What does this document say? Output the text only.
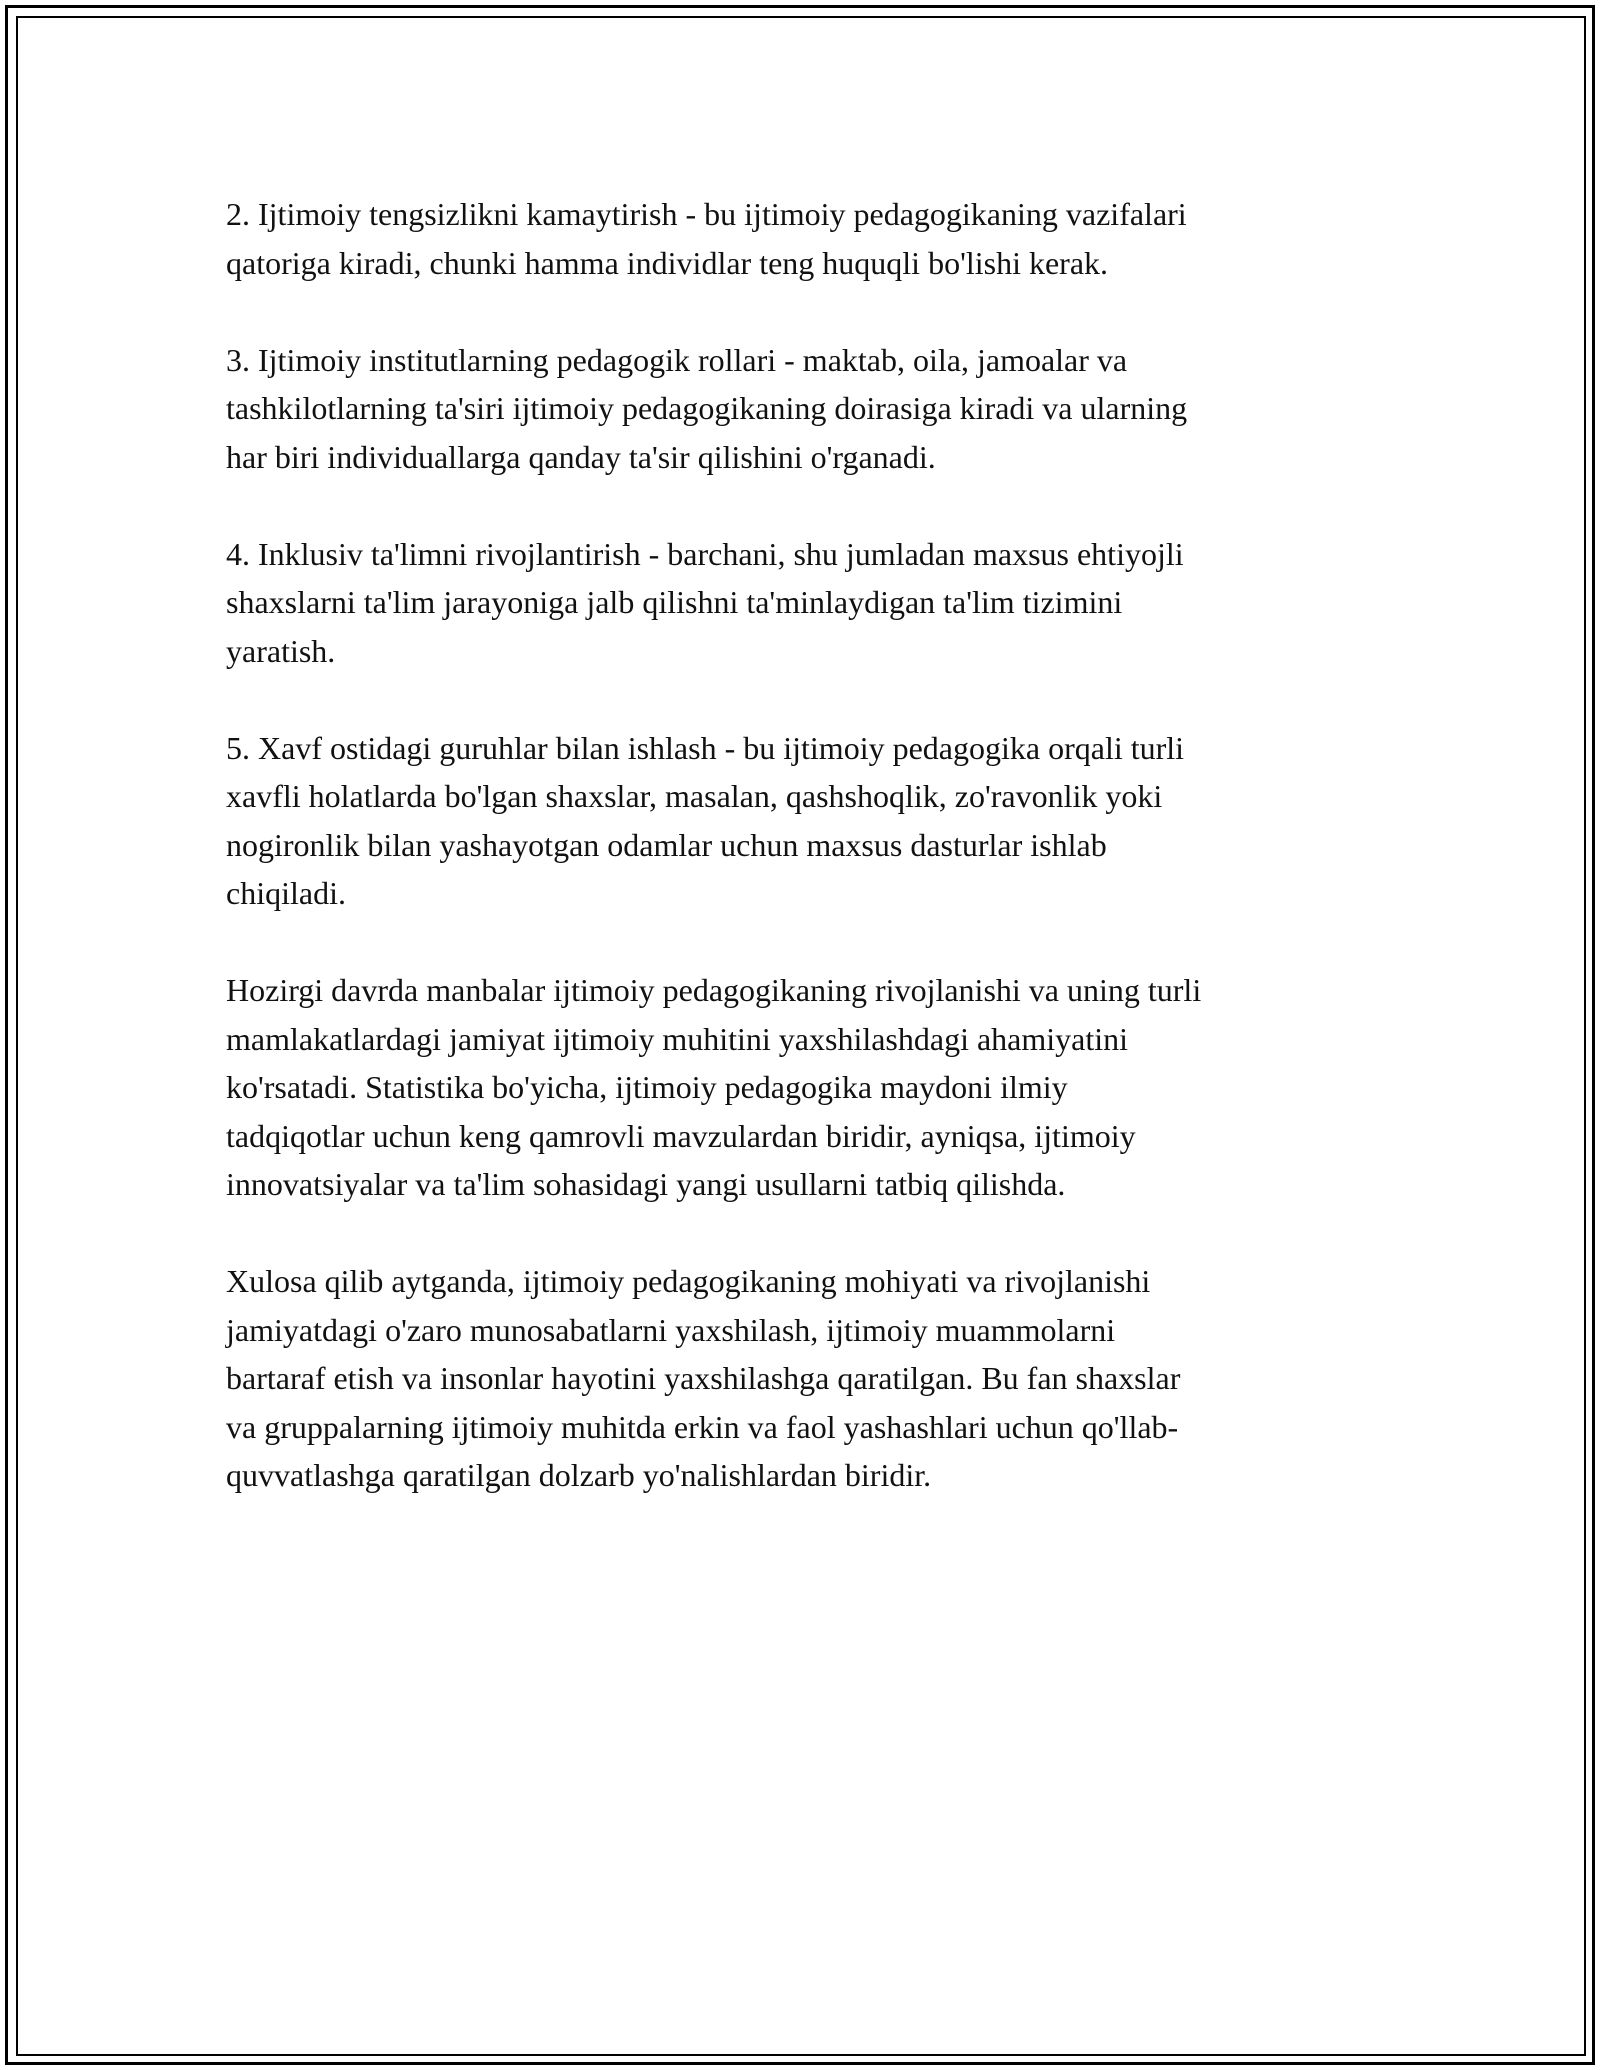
2. Ijtimoiy tengsizlikni kamaytirish - bu ijtimoiy pedagogikaning vazifalari
qatoriga kiradi, chunki hamma individlar teng huquqli bo'lishi kerak.

3. Ijtimoiy institutlarning pedagogik rollari - maktab, oila, jamoalar va
tashkilotlarning ta'siri ijtimoiy pedagogikaning doirasiga kiradi va ularning
har biri individuallarga qanday ta'sir qilishini o'rganadi.

4. Inklusiv ta'limni rivojlantirish - barchani, shu jumladan maxsus ehtiyojli
shaxslarni ta'lim jarayoniga jalb qilishni ta'minlaydigan ta'lim tizimini
yaratish.

5. Xavf ostidagi guruhlar bilan ishlash - bu ijtimoiy pedagogika orqali turli
xavfli holatlarda bo'lgan shaxslar, masalan, qashshoqlik, zo'ravonlik yoki
nogironlik bilan yashayotgan odamlar uchun maxsus dasturlar ishlab
chiqiladi.

Hozirgi davrda manbalar ijtimoiy pedagogikaning rivojlanishi va uning turli
mamlakatlardagi jamiyat ijtimoiy muhitini yaxshilashdagi ahamiyatini
ko'rsatadi. Statistika bo'yicha, ijtimoiy pedagogika maydoni ilmiy
tadqiqotlar uchun keng qamrovli mavzulardan biridir, ayniqsa, ijtimoiy
innovatsiyalar va ta'lim sohasidagi yangi usullarni tatbiq qilishda.

Xulosa qilib aytganda, ijtimoiy pedagogikaning mohiyati va rivojlanishi
jamiyatdagi o'zaro munosabatlarni yaxshilash, ijtimoiy muammolarni
bartaraf etish va insonlar hayotini yaxshilashga qaratilgan. Bu fan shaxslar
va gruppalarning ijtimoiy muhitda erkin va faol yashashlari uchun qo'llab-
quvvatlashga qaratilgan dolzarb yo'nalishlardan biridir.
